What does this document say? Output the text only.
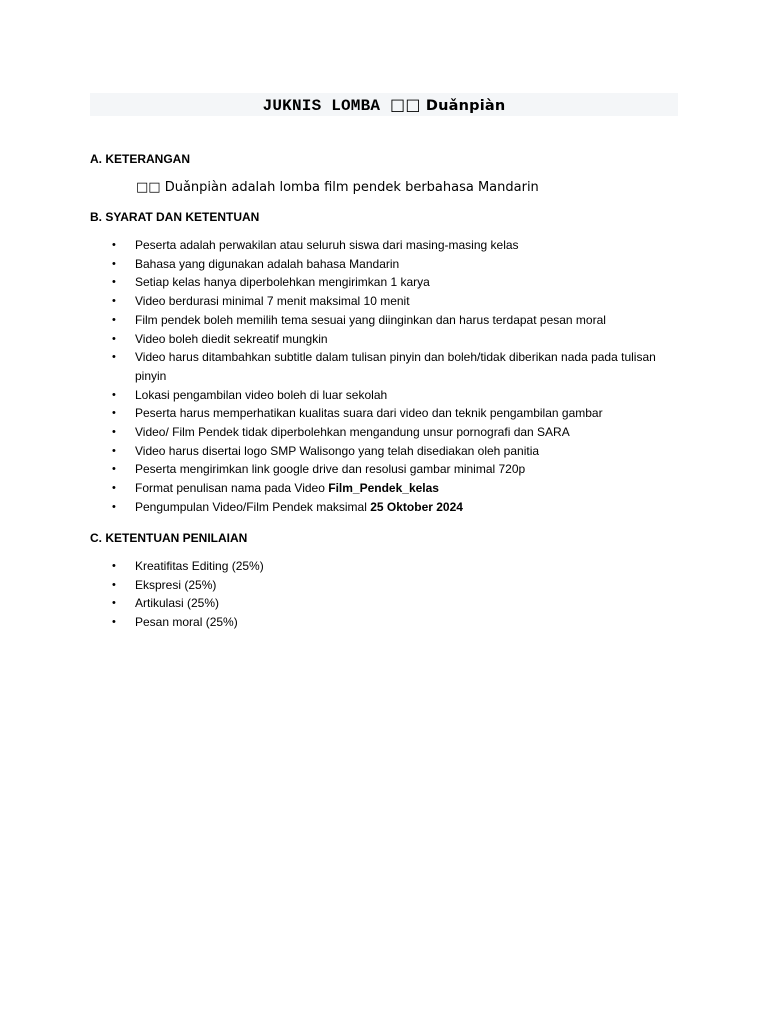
JUKNIS LOMBA □□ Duǎnpiàn
A. KETERANGAN
□□ Duǎnpiàn adalah lomba film pendek berbahasa Mandarin
B. SYARAT DAN KETENTUAN
• Peserta adalah perwakilan atau seluruh siswa dari masing-masing kelas
• Bahasa yang digunakan adalah bahasa Mandarin
• Setiap kelas hanya diperbolehkan mengirimkan 1 karya
• Video berdurasi minimal 7 menit maksimal 10 menit
• Film pendek boleh memilih tema sesuai yang diinginkan dan harus terdapat pesan moral
• Video boleh diedit sekreatif mungkin
• Video harus ditambahkan subtitle dalam tulisan pinyin dan boleh/tidak diberikan nada pada tulisan pinyin
• Lokasi pengambilan video boleh di luar sekolah
• Peserta harus memperhatikan kualitas suara dari video dan teknik pengambilan gambar
• Video/ Film Pendek tidak diperbolehkan mengandung unsur pornografi dan SARA
• Video harus disertai logo SMP Walisongo yang telah disediakan oleh panitia
• Peserta mengirimkan link google drive dan resolusi gambar minimal 720p
• Format penulisan nama pada Video Film_Pendek_kelas
• Pengumpulan Video/Film Pendek maksimal 25 Oktober 2024
C. KETENTUAN PENILAIAN
• Kreatifitas Editing (25%)
• Ekspresi (25%)
• Artikulasi (25%)
• Pesan moral (25%)
